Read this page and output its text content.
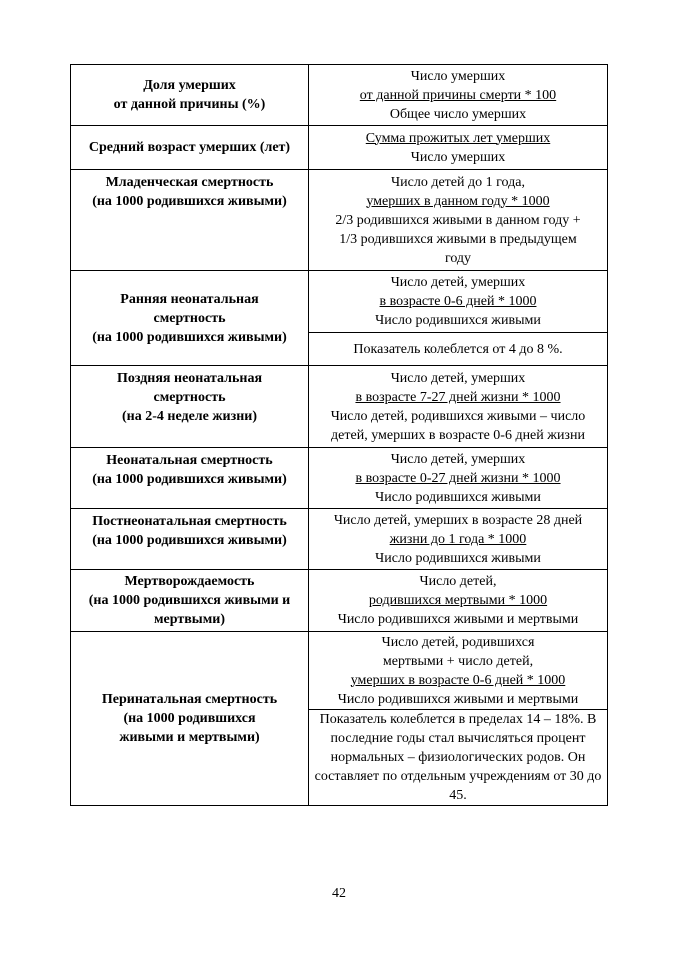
Доля умерших
от данной причины (%)	Число умерших
от данной причины смерти * 100
Общее число умерших

Средний возраст умерших (лет)	Сумма прожитых лет умерших
Число умерших

Младенческая смертность
(на 1000 родившихся живыми)	Число детей до 1 года,
умерших в данном году * 1000
2/3 родившихся живыми в данном году +
1/3 родившихся живыми в предыдущем
году

Ранняя неонатальная
смертность
(на 1000 родившихся живыми)	Число детей, умерших
в возрасте 0-6 дней * 1000
Число родившихся живыми

	Показатель колеблется от 4 до 8 %.

Поздняя неонатальная
смертность
(на 2-4 неделе жизни)	Число детей, умерших
в возрасте 7-27 дней жизни * 1000
Число детей, родившихся живыми – число
детей, умерших в возрасте 0-6 дней жизни

Неонатальная смертность
(на 1000 родившихся живыми)	Число детей, умерших
в возрасте 0-27 дней жизни * 1000
Число родившихся живыми

Постнеонатальная смертность
(на 1000 родившихся живыми)	Число детей, умерших в возрасте 28 дней
жизни до 1 года * 1000
Число родившихся живыми

Мертворождаемость
(на 1000 родившихся живыми и
мертвыми)	Число детей,
родившихся мертвыми * 1000
Число родившихся живыми и мертвыми

Перинатальная смертность
(на 1000 родившихся
живыми и мертвыми)	Число детей, родившихся
мертвыми + число детей,
умерших в возрасте 0-6 дней * 1000
Число родившихся живыми и мертвыми

	Показатель колеблется в пределах 14 – 18%. В последние годы стал вычисляться процент нормальных – физиологических родов. Он составляет по отдельным учреждениям от 30 до 45.
42
